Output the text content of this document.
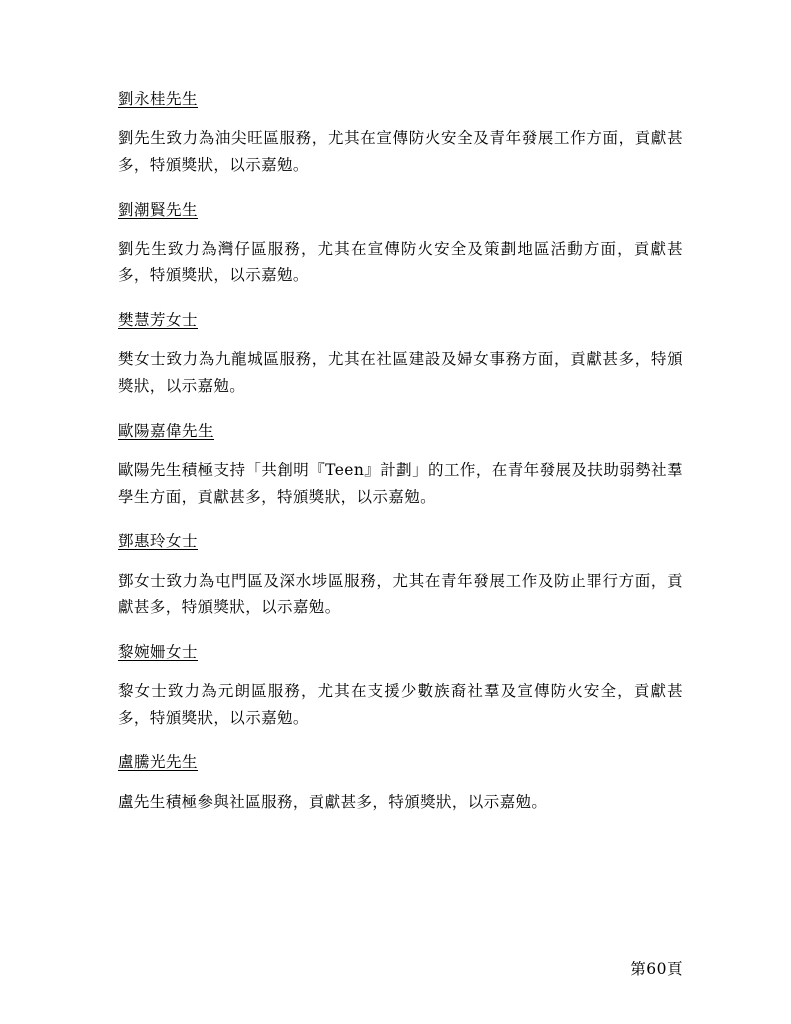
劉永桂先生
劉先生致力為油尖旺區服務，尤其在宣傳防火安全及青年發展工作方面，貢獻甚多，特頒獎狀，以示嘉勉。
劉潮賢先生
劉先生致力為灣仔區服務，尤其在宣傳防火安全及策劃地區活動方面，貢獻甚多，特頒獎狀，以示嘉勉。
樊慧芳女士
樊女士致力為九龍城區服務，尤其在社區建設及婦女事務方面，貢獻甚多，特頒獎狀，以示嘉勉。
歐陽嘉偉先生
歐陽先生積極支持「共創明『Teen』計劃」的工作，在青年發展及扶助弱勢社羣學生方面，貢獻甚多，特頒獎狀，以示嘉勉。
鄧惠玲女士
鄧女士致力為屯門區及深水埗區服務，尤其在青年發展工作及防止罪行方面，貢獻甚多，特頒獎狀，以示嘉勉。
黎婉姍女士
黎女士致力為元朗區服務，尤其在支援少數族裔社羣及宣傳防火安全，貢獻甚多，特頒獎狀，以示嘉勉。
盧騰光先生
盧先生積極參與社區服務，貢獻甚多，特頒獎狀，以示嘉勉。
第60頁
